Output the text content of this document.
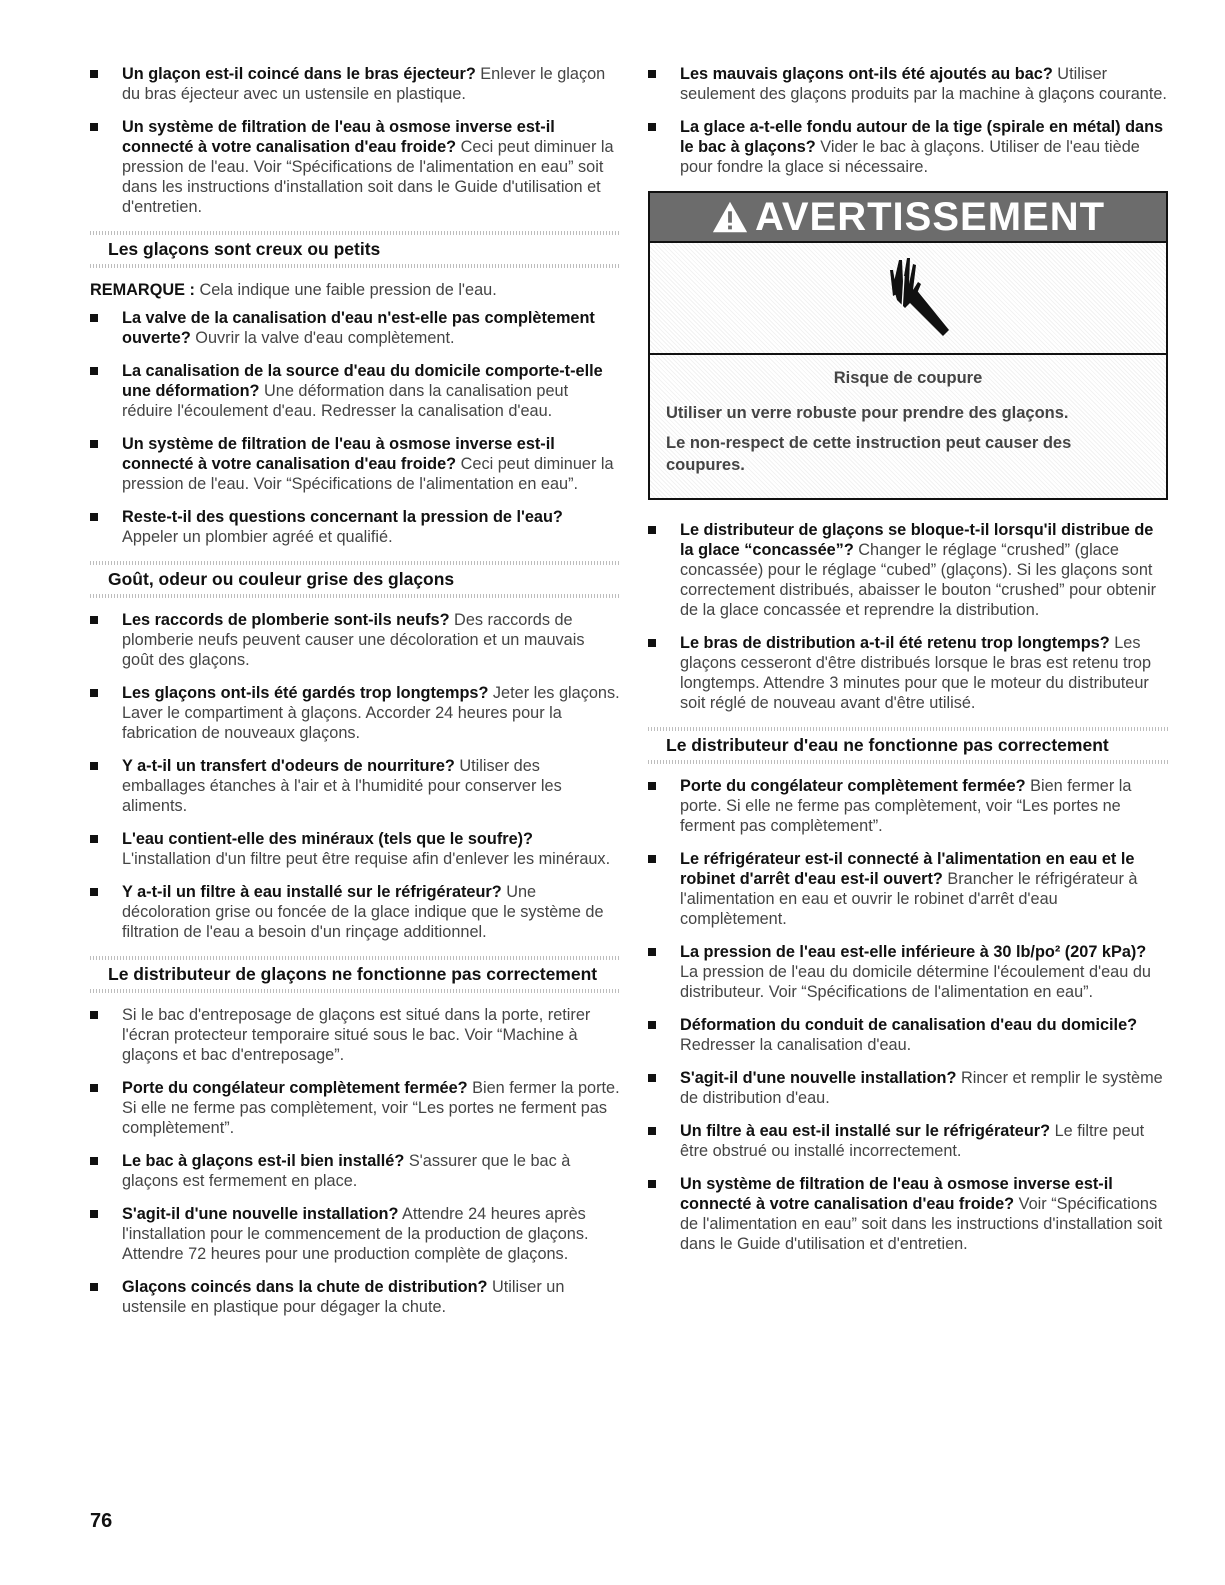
Un glaçon est-il coincé dans le bras éjecteur? Enlever le glaçon du bras éjecteur avec un ustensile en plastique.
Un système de filtration de l'eau à osmose inverse est-il connecté à votre canalisation d'eau froide? Ceci peut diminuer la pression de l'eau. Voir “Spécifications de l'alimentation en eau” soit dans les instructions d'installation soit dans le Guide d'utilisation et d'entretien.
Les glaçons sont creux ou petits
REMARQUE : Cela indique une faible pression de l'eau.
La valve de la canalisation d'eau n'est-elle pas complètement ouverte? Ouvrir la valve d'eau complètement.
La canalisation de la source d'eau du domicile comporte-t-elle une déformation? Une déformation dans la canalisation peut réduire l'écoulement d'eau. Redresser la canalisation d'eau.
Un système de filtration de l'eau à osmose inverse est-il connecté à votre canalisation d'eau froide? Ceci peut diminuer la pression de l'eau. Voir “Spécifications de l'alimentation en eau”.
Reste-t-il des questions concernant la pression de l'eau? Appeler un plombier agréé et qualifié.
Goût, odeur ou couleur grise des glaçons
Les raccords de plomberie sont-ils neufs? Des raccords de plomberie neufs peuvent causer une décoloration et un mauvais goût des glaçons.
Les glaçons ont-ils été gardés trop longtemps? Jeter les glaçons. Laver le compartiment à glaçons. Accorder 24 heures pour la fabrication de nouveaux glaçons.
Y a-t-il un transfert d'odeurs de nourriture? Utiliser des emballages étanches à l'air et à l'humidité pour conserver les aliments.
L'eau contient-elle des minéraux (tels que le soufre)? L'installation d'un filtre peut être requise afin d'enlever les minéraux.
Y a-t-il un filtre à eau installé sur le réfrigérateur? Une décoloration grise ou foncée de la glace indique que le système de filtration de l'eau a besoin d'un rinçage additionnel.
Le distributeur de glaçons ne fonctionne pas correctement
Si le bac d'entreposage de glaçons est situé dans la porte, retirer l'écran protecteur temporaire situé sous le bac. Voir “Machine à glaçons et bac d'entreposage”.
Porte du congélateur complètement fermée? Bien fermer la porte. Si elle ne ferme pas complètement, voir “Les portes ne ferment pas complètement”.
Le bac à glaçons est-il bien installé? S'assurer que le bac à glaçons est fermement en place.
S'agit-il d'une nouvelle installation? Attendre 24 heures après l'installation pour le commencement de la production de glaçons. Attendre 72 heures pour une production complète de glaçons.
Glaçons coincés dans la chute de distribution? Utiliser un ustensile en plastique pour dégager la chute.
Les mauvais glaçons ont-ils été ajoutés au bac? Utiliser seulement des glaçons produits par la machine à glaçons courante.
La glace a-t-elle fondu autour de la tige (spirale en métal) dans le bac à glaçons? Vider le bac à glaçons. Utiliser de l'eau tiède pour fondre la glace si nécessaire.
AVERTISSEMENT
Risque de coupure
Utiliser un verre robuste pour prendre des glaçons.
Le non-respect de cette instruction peut causer des coupures.
Le distributeur de glaçons se bloque-t-il lorsqu'il distribue de la glace “concassée”? Changer le réglage “crushed” (glace concassée) pour le réglage “cubed” (glaçons). Si les glaçons sont correctement distribués, abaisser le bouton “crushed” pour obtenir de la glace concassée et reprendre la distribution.
Le bras de distribution a-t-il été retenu trop longtemps? Les glaçons cesseront d'être distribués lorsque le bras est retenu trop longtemps. Attendre 3 minutes pour que le moteur du distributeur soit réglé de nouveau avant d'être utilisé.
Le distributeur d'eau ne fonctionne pas correctement
Porte du congélateur complètement fermée? Bien fermer la porte. Si elle ne ferme pas complètement, voir “Les portes ne ferment pas complètement”.
Le réfrigérateur est-il connecté à l'alimentation en eau et le robinet d'arrêt d'eau est-il ouvert? Brancher le réfrigérateur à l'alimentation en eau et ouvrir le robinet d'arrêt d'eau complètement.
La pression de l'eau est-elle inférieure à 30 lb/po² (207 kPa)? La pression de l'eau du domicile détermine l'écoulement d'eau du distributeur. Voir “Spécifications de l'alimentation en eau”.
Déformation du conduit de canalisation d'eau du domicile? Redresser la canalisation d'eau.
S'agit-il d'une nouvelle installation? Rincer et remplir le système de distribution d'eau.
Un filtre à eau est-il installé sur le réfrigérateur? Le filtre peut être obstrué ou installé incorrectement.
Un système de filtration de l'eau à osmose inverse est-il connecté à votre canalisation d'eau froide? Voir “Spécifications de l'alimentation en eau” soit dans les instructions d'installation soit dans le Guide d'utilisation et d'entretien.
76
